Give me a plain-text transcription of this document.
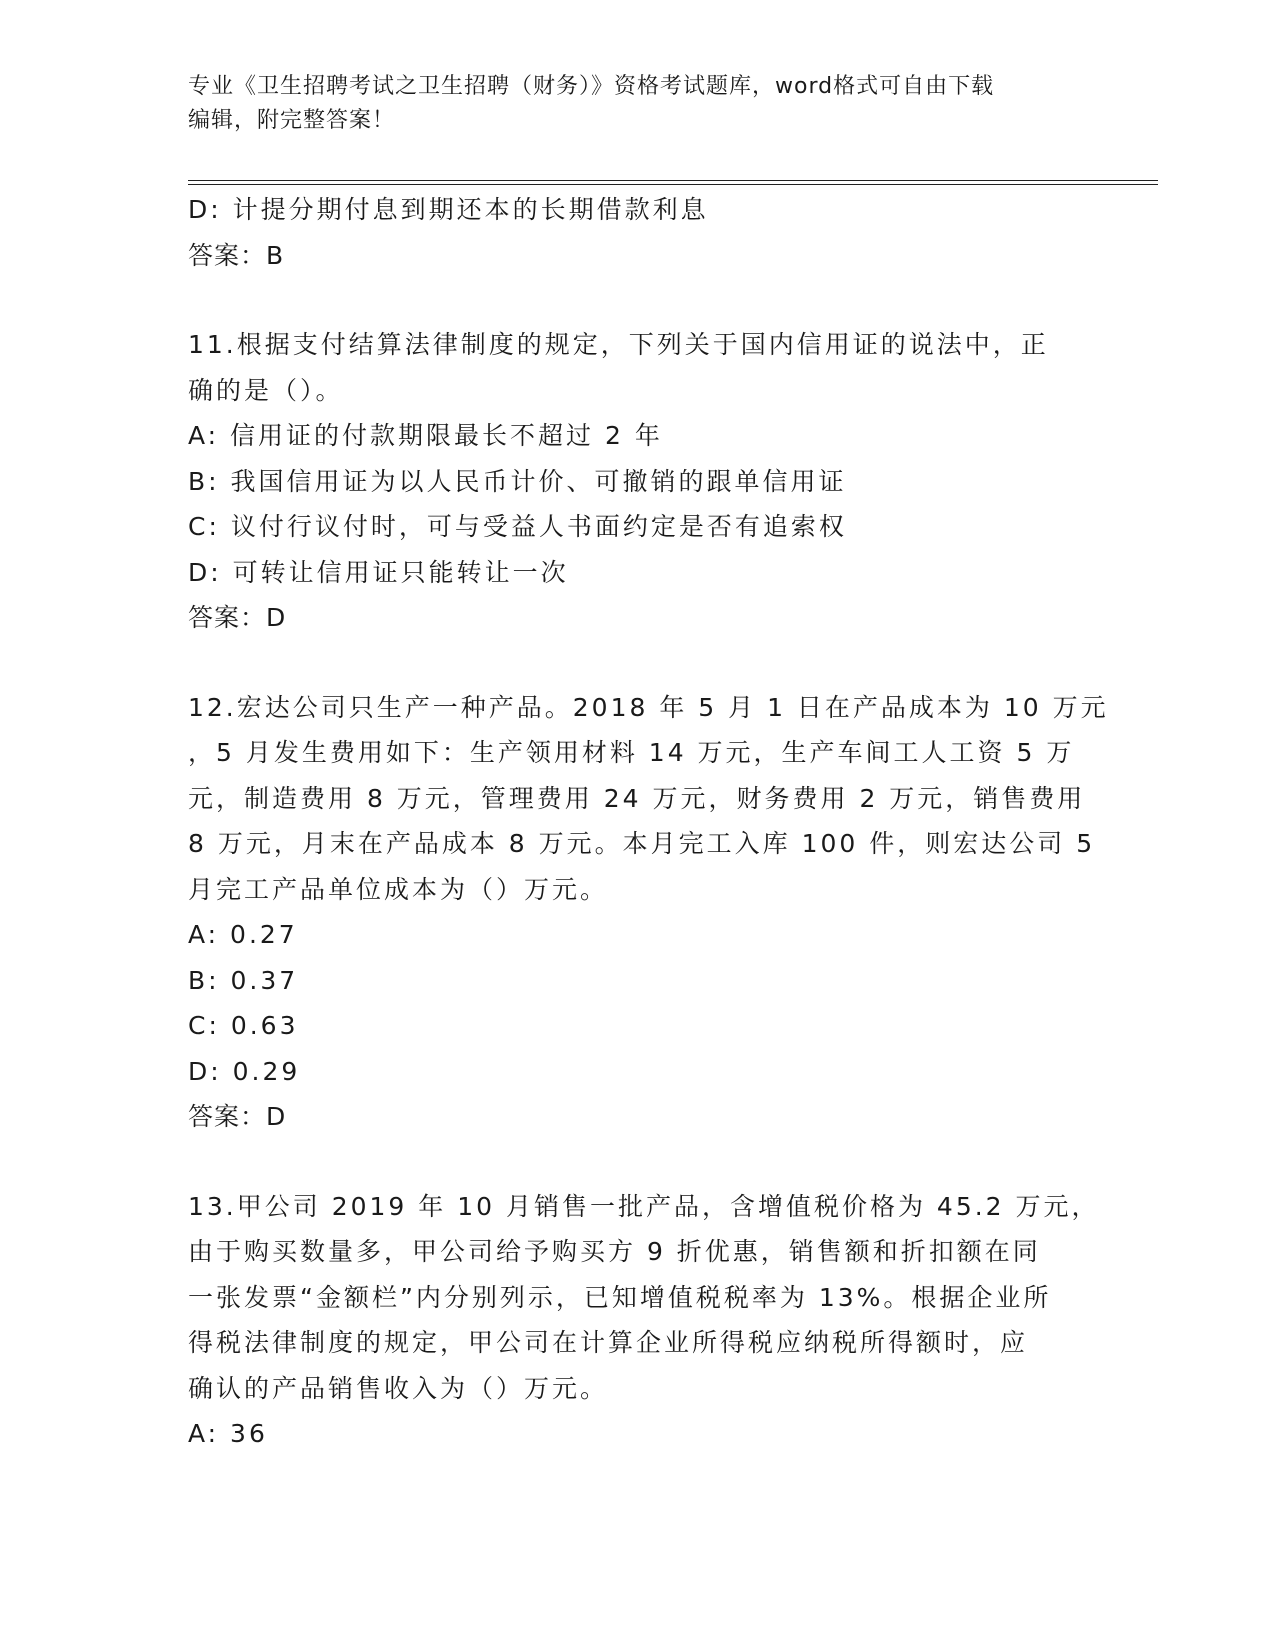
专业《卫生招聘考试之卫生招聘（财务）》资格考试题库，word格式可自由下载
编辑，附完整答案！
D: 计提分期付息到期还本的长期借款利息
答案：B
11.根据支付结算法律制度的规定，下列关于国内信用证的说法中，正
确的是（）。
A: 信用证的付款期限最长不超过 2 年
B: 我国信用证为以人民币计价、可撤销的跟单信用证
C: 议付行议付时，可与受益人书面约定是否有追索权
D: 可转让信用证只能转让一次
答案：D
12.宏达公司只生产一种产品。2018 年 5 月 1 日在产品成本为 10 万元
，5 月发生费用如下：生产领用材料 14 万元，生产车间工人工资 5 万
元，制造费用 8 万元，管理费用 24 万元，财务费用 2 万元，销售费用
8 万元，月末在产品成本 8 万元。本月完工入库 100 件，则宏达公司 5
月完工产品单位成本为（）万元。
A: 0.27
B: 0.37
C: 0.63
D: 0.29
答案：D
13.甲公司 2019 年 10 月销售一批产品，含增值税价格为 45.2 万元，
由于购买数量多，甲公司给予购买方 9 折优惠，销售额和折扣额在同
一张发票“金额栏”内分别列示，已知增值税税率为 13%。根据企业所
得税法律制度的规定，甲公司在计算企业所得税应纳税所得额时，应
确认的产品销售收入为（）万元。
A: 36
